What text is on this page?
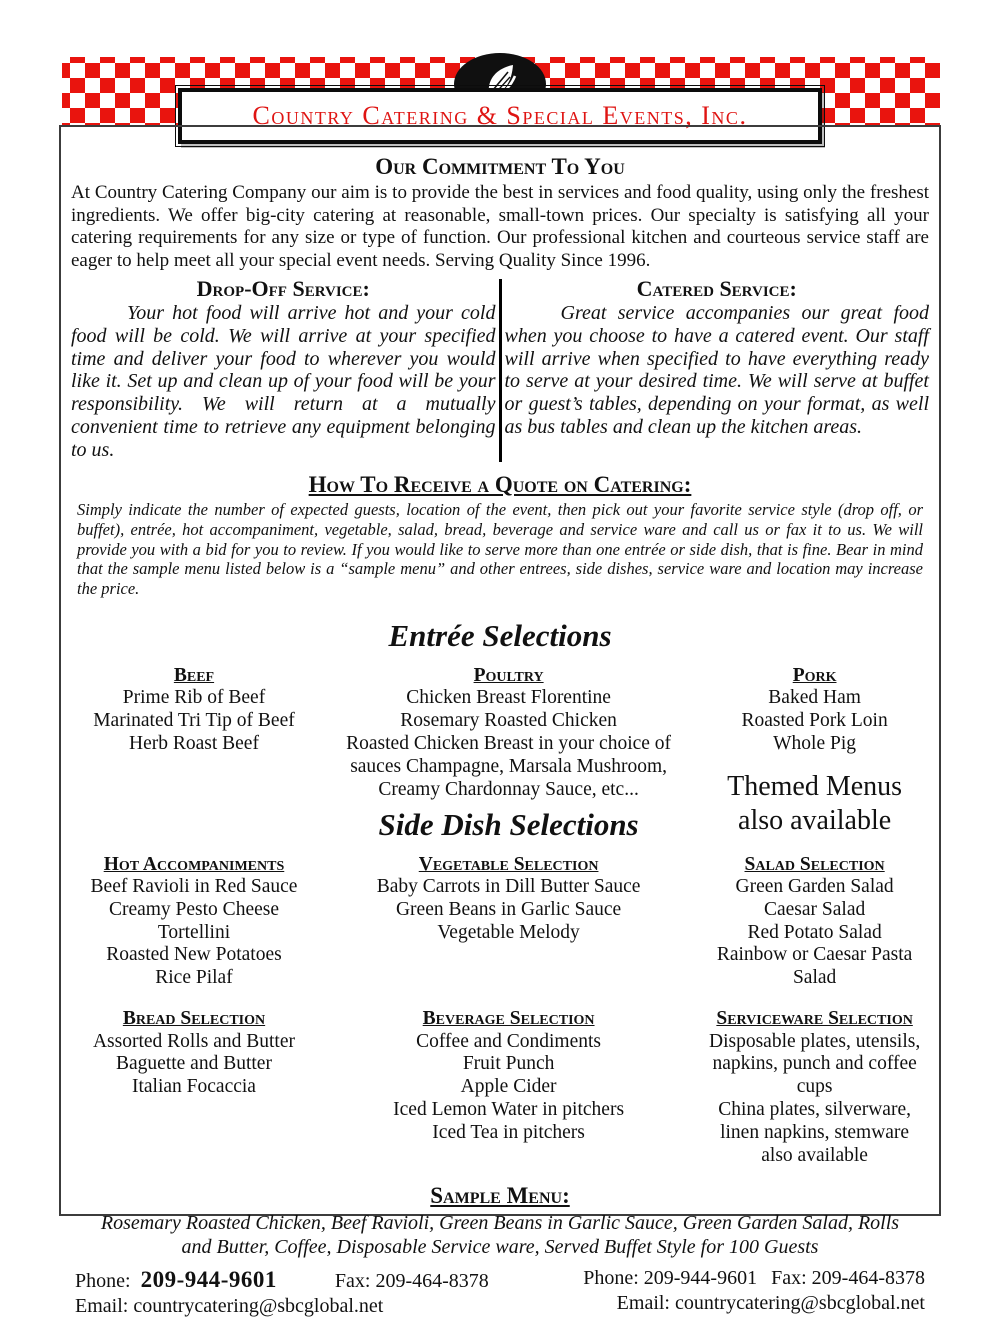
Country Catering & Special Events, Inc.
Our Commitment To You

At Country Catering Company our aim is to provide the best in services and food quality, using only the freshest ingredients. We offer big-city catering at reasonable, small-town prices. Our specialty is satisfying all your catering requirements for any size or type of function. Our professional kitchen and courteous service staff are eager to help meet all your special event needs. Serving Quality Since 1996.

Drop-Off Service:

Your hot food will arrive hot and your cold food will be cold. We will arrive at your specified time and deliver your food to wherever you would like it. Set up and clean up of your food will be your responsibility. We will return at a mutually convenient time to retrieve any equipment belonging to us.

Catered Service:

Great service accompanies our great food when you choose to have a catered event. Our staff will arrive when specified to have everything ready to serve at your desired time. We will serve at buffet or guest’s tables, depending on your format, as well as bus tables and clean up the kitchen areas.

How To Receive a Quote on Catering:

Simply indicate the number of expected guests, location of the event, then pick out your favorite service style (drop off, or buffet), entrée, hot accompaniment, vegetable, salad, bread, beverage and service ware and call us or fax it to us. We will provide you with a bid for you to review. If you would like to serve more than one entrée or side dish, that is fine. Bear in mind that the sample menu listed below is a “sample menu” and other entrees, side dishes, service ware and location may increase the price.

Entrée Selections
Beef
Prime Rib of Beef
Marinated Tri Tip of Beef
Herb Roast Beef
Poultry
Chicken Breast Florentine
Rosemary Roasted Chicken
Roasted Chicken Breast in your choice of sauces Champagne, Marsala Mushroom, Creamy Chardonnay Sauce, etc...
Side Dish Selections
Pork
Baked Ham
Roasted Pork Loin
Whole Pig
Themed Menus also available
Hot Accompaniments
Beef Ravioli in Red Sauce
Creamy Pesto Cheese Tortellini
Roasted New Potatoes
Rice Pilaf
Vegetable Selection
Baby Carrots in Dill Butter Sauce
Green Beans in Garlic Sauce
Vegetable Melody
Salad Selection
Green Garden Salad
Caesar Salad
Red Potato Salad
Rainbow or Caesar Pasta Salad
Bread Selection
Assorted Rolls and Butter
Baguette and Butter
Italian Focaccia
Beverage Selection
Coffee and Condiments
Fruit Punch
Apple Cider
Iced Lemon Water in pitchers
Iced Tea in pitchers
Serviceware Selection
Disposable plates, utensils, napkins, punch and coffee cups
China plates, silverware, linen napkins, stemware also available
Sample Menu:

Rosemary Roasted Chicken, Beef Ravioli, Green Beans in Garlic Sauce, Green Garden Salad, Rolls and Butter, Coffee, Disposable Service ware, Served Buffet Style for 100 Guests

Phone: 209-944-9601	Fax: 209-464-8378
Email: countrycatering@sbcglobal.net
Phone: 209-944-9601 Fax: 209-464-8378
Email: countrycatering@sbcglobal.net
